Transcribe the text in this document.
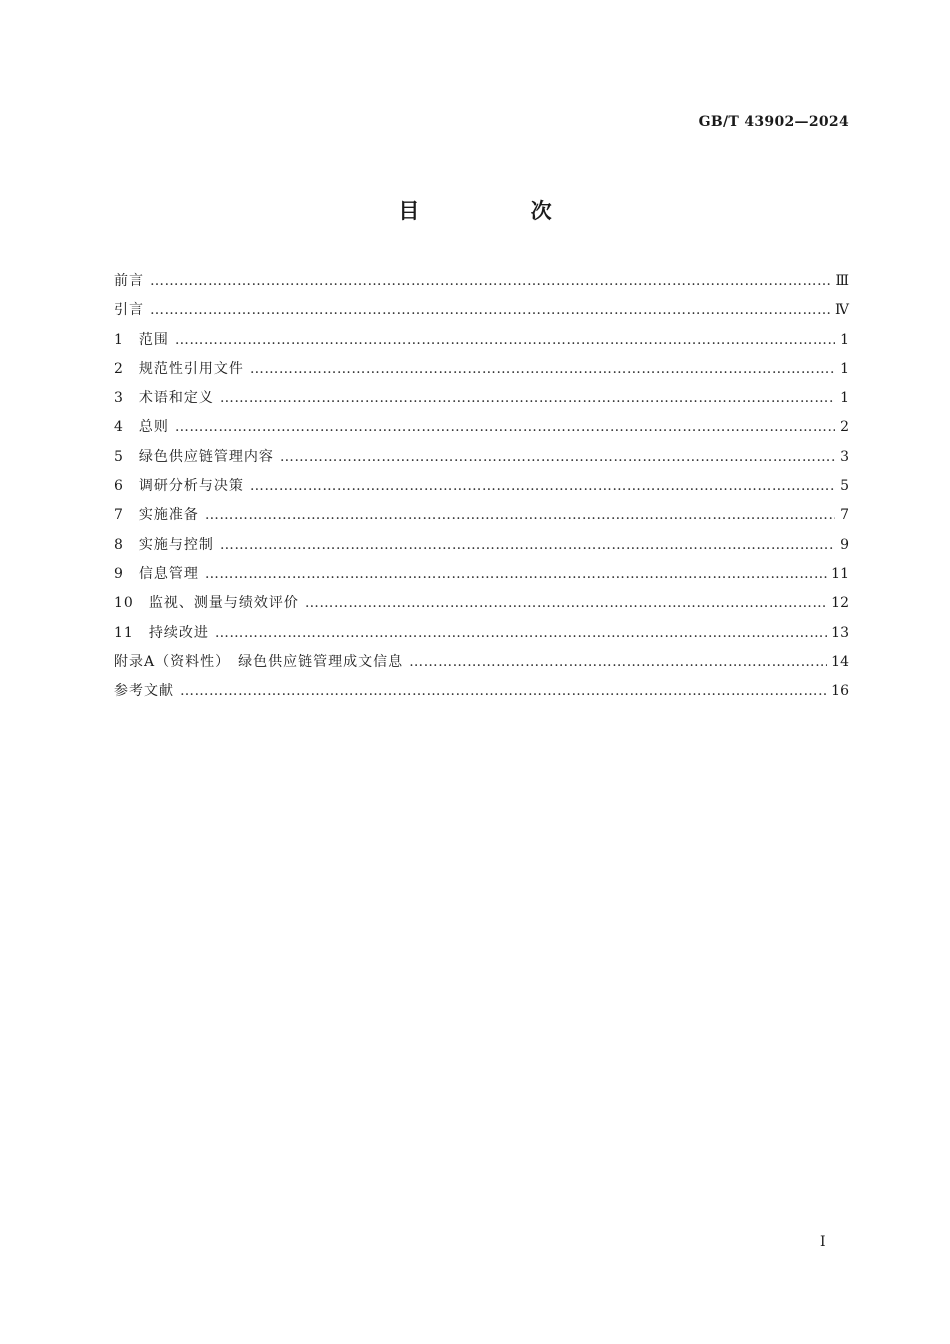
GB/T 43902—2024
目 次
前言 …………………………………………………………………………………………………………………………………………………………………………………………………………………………	Ⅲ
引言 …………………………………………………………………………………………………………………………………………………………………………………………………………………………	Ⅳ
1　范围 …………………………………………………………………………………………………………………………………………………………………………………………………………………………	1
2　规范性引用文件 …………………………………………………………………………………………………………………………………………………………………………………………………………………………	1
3　术语和定义 …………………………………………………………………………………………………………………………………………………………………………………………………………………………	1
4　总则 …………………………………………………………………………………………………………………………………………………………………………………………………………………………	2
5　绿色供应链管理内容 …………………………………………………………………………………………………………………………………………………………………………………………………………………………	3
6　调研分析与决策 …………………………………………………………………………………………………………………………………………………………………………………………………………………………	5
7　实施准备 …………………………………………………………………………………………………………………………………………………………………………………………………………………………	7
8　实施与控制 …………………………………………………………………………………………………………………………………………………………………………………………………………………………	9
9　信息管理 …………………………………………………………………………………………………………………………………………………………………………………………………………………………	11
10　监视、测量与绩效评价 …………………………………………………………………………………………………………………………………………………………………………………………………………………………	12
11　持续改进 …………………………………………………………………………………………………………………………………………………………………………………………………………………………	13
附录A（资料性）　绿色供应链管理成文信息 …………………………………………………………………………………………………………………………………………………………………………………………………………………………	14
参考文献 …………………………………………………………………………………………………………………………………………………………………………………………………………………………	16
Ⅰ
